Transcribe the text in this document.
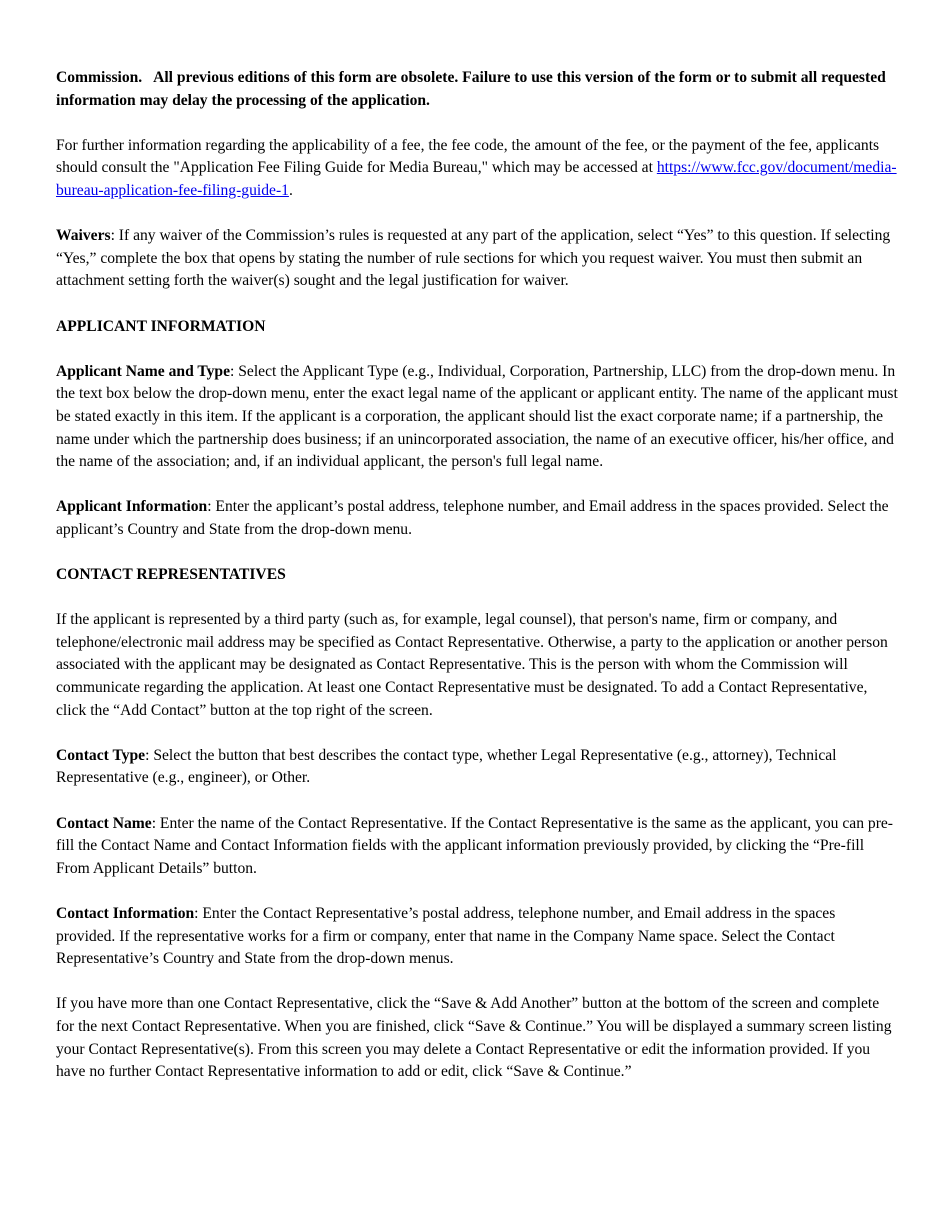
Commission. All previous editions of this form are obsolete. Failure to use this version of the form or to submit all requested information may delay the processing of the application.

For further information regarding the applicability of a fee, the fee code, the amount of the fee, or the payment of the fee, applicants should consult the "Application Fee Filing Guide for Media Bureau," which may be accessed at https://www.fcc.gov/document/media-bureau-application-fee-filing-guide-1.

Waivers: If any waiver of the Commission’s rules is requested at any part of the application, select “Yes” to this question. If selecting “Yes,” complete the box that opens by stating the number of rule sections for which you request waiver. You must then submit an attachment setting forth the waiver(s) sought and the legal justification for waiver.

APPLICANT INFORMATION

Applicant Name and Type: Select the Applicant Type (e.g., Individual, Corporation, Partnership, LLC) from the drop-down menu. In the text box below the drop-down menu, enter the exact legal name of the applicant or applicant entity. The name of the applicant must be stated exactly in this item. If the applicant is a corporation, the applicant should list the exact corporate name; if a partnership, the name under which the partnership does business; if an unincorporated association, the name of an executive officer, his/her office, and the name of the association; and, if an individual applicant, the person's full legal name.

Applicant Information: Enter the applicant’s postal address, telephone number, and Email address in the spaces provided. Select the applicant’s Country and State from the drop-down menu.

CONTACT REPRESENTATIVES

If the applicant is represented by a third party (such as, for example, legal counsel), that person's name, firm or company, and telephone/electronic mail address may be specified as Contact Representative. Otherwise, a party to the application or another person associated with the applicant may be designated as Contact Representative. This is the person with whom the Commission will communicate regarding the application. At least one Contact Representative must be designated. To add a Contact Representative, click the “Add Contact” button at the top right of the screen.

Contact Type: Select the button that best describes the contact type, whether Legal Representative (e.g., attorney), Technical Representative (e.g., engineer), or Other.

Contact Name: Enter the name of the Contact Representative. If the Contact Representative is the same as the applicant, you can pre-fill the Contact Name and Contact Information fields with the applicant information previously provided, by clicking the “Pre-fill From Applicant Details” button.

Contact Information: Enter the Contact Representative’s postal address, telephone number, and Email address in the spaces provided. If the representative works for a firm or company, enter that name in the Company Name space. Select the Contact Representative’s Country and State from the drop-down menus.

If you have more than one Contact Representative, click the “Save & Add Another” button at the bottom of the screen and complete for the next Contact Representative. When you are finished, click “Save & Continue.” You will be displayed a summary screen listing your Contact Representative(s). From this screen you may delete a Contact Representative or edit the information provided. If you have no further Contact Representative information to add or edit, click “Save & Continue.”
